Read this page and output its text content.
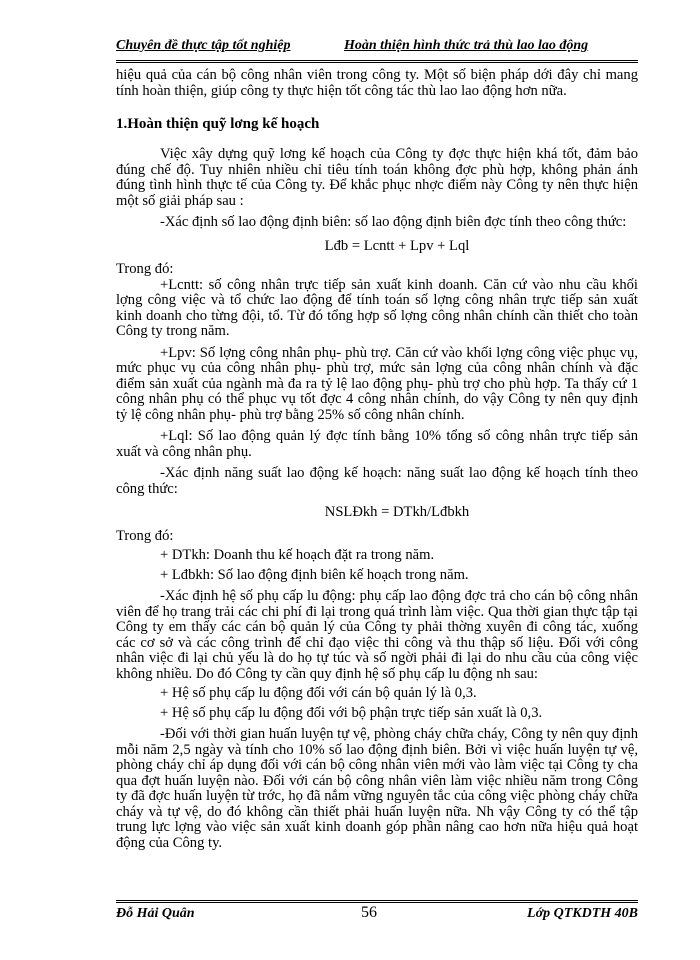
Chuyên đề thực tập tốt nghiệp	Hoàn thiện hình thức trả thù lao lao động

hiệu quả của cán bộ công nhân viên trong công ty. Một số biện pháp dới đây chỉ mang tính hoàn thiện, giúp công ty thực hiện tốt công tác thù lao lao động hơn nữa.

1.Hoàn thiện quỹ lơng kế hoạch

Việc xây dựng quỹ lơng kế hoạch của Công ty đợc thực hiện khá tốt, đảm bảo đúng chế độ. Tuy nhiên nhiều chỉ tiêu tính toán không đợc phù hợp, không phản ánh đúng tình hình thực tế của Công ty. Để khắc phục nhợc điểm này Công ty nên thực hiện một số giải pháp sau :

-Xác định số lao động định biên: số lao động định biên đợc tính theo công thức:

Lđb = Lcntt + Lpv + Lql

Trong đó:

+Lcntt: số công nhân trực tiếp sản xuất kinh doanh. Căn cứ vào nhu cầu khối lợng công việc và tổ chức lao động để tính toán số lợng công nhân trực tiếp sản xuất kinh doanh cho từng đội, tổ. Từ đó tổng hợp số lợng công nhân chính cần thiết cho toàn Công ty trong năm.

+Lpv: Số lợng công nhân phụ- phù trợ. Căn cứ vào khối lợng công việc phục vụ, mức phục vụ của công nhân phụ- phù trợ, mức sản lợng của công nhân chính và đặc điểm sản xuất của ngành mà đa ra tỷ lệ lao động phụ- phù trợ cho phù hợp. Ta thấy cứ 1 công nhân phụ có thể phục vụ tốt đợc 4 công nhân chính, do vậy Công ty nên quy định tỷ lệ công nhân phụ- phù trợ bằng 25% số công nhân chính.

+Lql: Số lao động quản lý đợc tính bằng 10% tổng số công nhân trực tiếp sản xuất và công nhân phụ.

-Xác định năng suất lao động kế hoạch: năng suất lao động kế hoạch tính theo công thức:

NSLĐkh = DTkh/Lđbkh

Trong đó:

+ DTkh: Doanh thu kế hoạch đặt ra trong năm.

+ Lđbkh: Số lao động định biên kế hoạch trong năm.

-Xác định hệ số phụ cấp lu động: phụ cấp lao động đợc trả cho cán bộ công nhân viên để họ trang trải các chi phí đi lại trong quá trình làm việc. Qua thời gian thực tập tại Công ty em thấy các cán bộ quản lý của Công ty phải thờng xuyên đi công tác, xuống các cơ sở và các công trình để chỉ đạo việc thi công và thu thập số liệu. Đối với công nhân việc đi lại chủ yếu là do họ tự túc và số ngời phải đi lại do nhu cầu của công việc không nhiều. Do đó Công ty cần quy định hệ số phụ cấp lu động nh sau:

+ Hệ số phụ cấp lu động đối với cán bộ quản lý là 0,3.

+ Hệ số phụ cấp lu động đối với bộ phận trực tiếp sản xuất là 0,3.

-Đối với thời gian huấn luyện tự vệ, phòng cháy chữa cháy, Công ty nên quy định mỗi năm 2,5 ngày và tính cho 10% số lao động định biên. Bởi vì việc huấn luyện tự vệ, phòng cháy chỉ áp dụng đối với cán bộ công nhân viên mới vào làm việc tại Công ty cha qua đợt huấn luyện nào. Đối với cán bộ công nhân viên làm việc nhiều năm trong Công ty đã đợc huấn luyện từ trớc, họ đã nắm vững nguyên tắc của công việc phòng cháy chữa cháy và tự vệ, do đó không cần thiết phải huấn luyện nữa. Nh vậy Công ty có thể tập trung lực lợng vào việc sản xuất kinh doanh góp phần nâng cao hơn nữa hiệu quả hoạt động của Công ty.

Đỗ Hải Quân	56	Lớp QTKDTH 40B
